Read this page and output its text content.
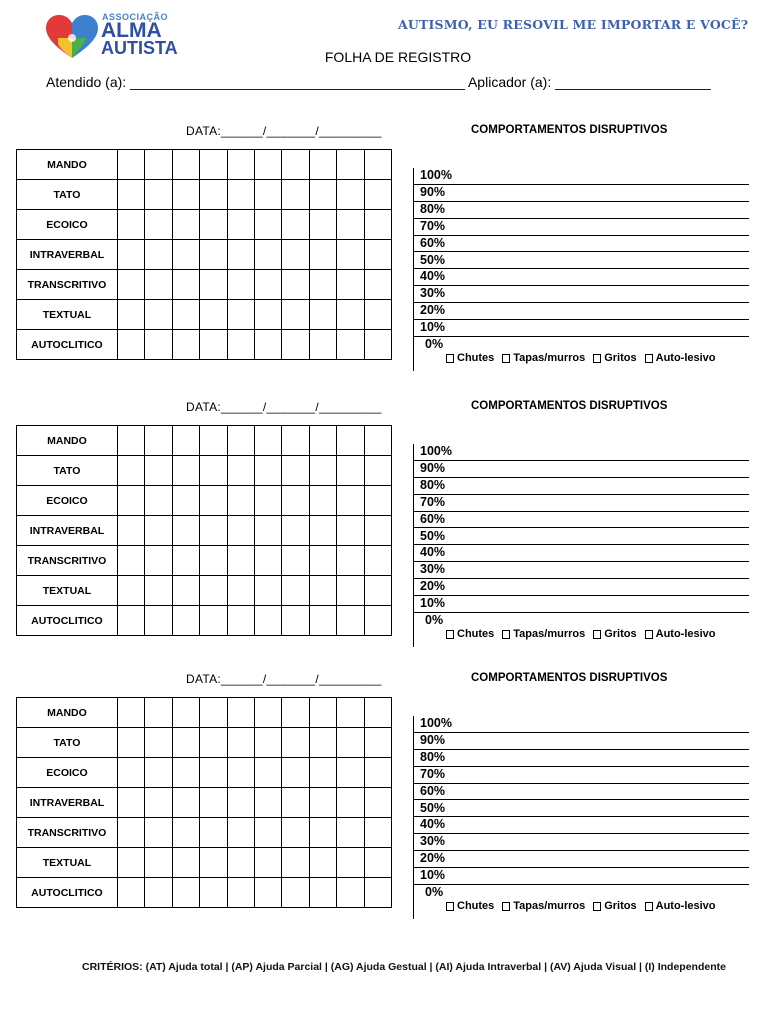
ASSOCIAÇÃO
ALMA
AUTISTA
AUTISMO, EU RESOVIL ME IMPORTAR E VOCÊ?
FOLHA DE REGISTRO
Atendido (a): ___________________________________________ Aplicador (a): ____________________
DATA:______/_______/_________	COMPORTAMENTOS DISRUPTIVOS
MANDO										
TATO										
ECOICO										
INTRAVERBAL										
TRANSCRITIVO										
TEXTUAL										
AUTOCLITICO										
100%
90%
80%
70%
60%
50%
40%
30%
20%
10%
0%
Chutes Tapas/murros Gritos Auto-lesivo
DATA:______/_______/_________	COMPORTAMENTOS DISRUPTIVOS
MANDO										
TATO										
ECOICO										
INTRAVERBAL										
TRANSCRITIVO										
TEXTUAL										
AUTOCLITICO										
100%
90%
80%
70%
60%
50%
40%
30%
20%
10%
0%
Chutes Tapas/murros Gritos Auto-lesivo
DATA:______/_______/_________	COMPORTAMENTOS DISRUPTIVOS
MANDO										
TATO										
ECOICO										
INTRAVERBAL										
TRANSCRITIVO										
TEXTUAL										
AUTOCLITICO										
100%
90%
80%
70%
60%
50%
40%
30%
20%
10%
0%
Chutes Tapas/murros Gritos Auto-lesivo
CRITÉRIOS: (AT) Ajuda total | (AP) Ajuda Parcial | (AG) Ajuda Gestual | (AI) Ajuda Intraverbal | (AV) Ajuda Visual | (I) Independente
